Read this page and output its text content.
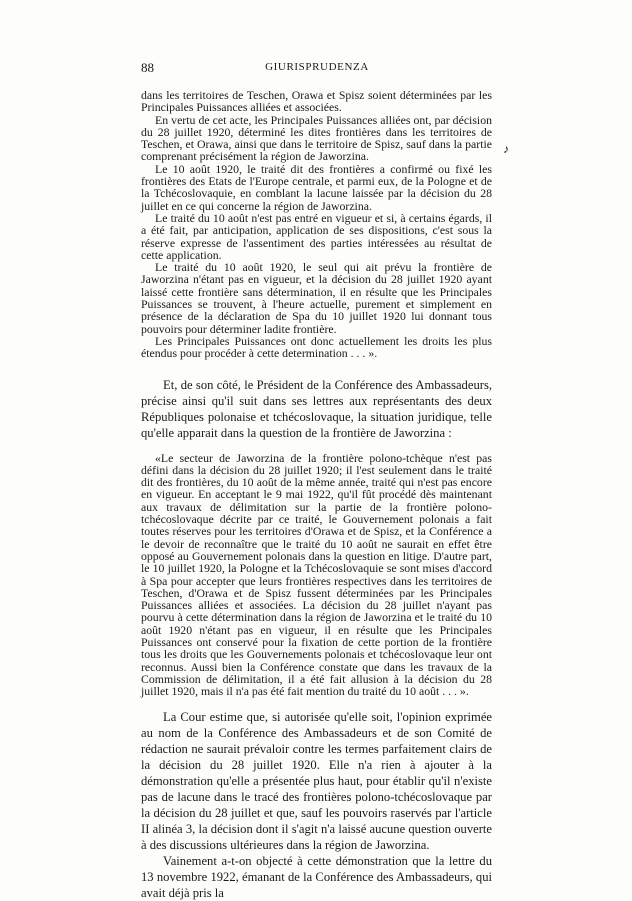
88	GIURISPRUDENZA
♪

dans les territoires de Teschen, Orawa et Spisz soient déterminées par les Principales Puissances alliées et associées.

En vertu de cet acte, les Principales Puissances alliées ont, par décision du 28 juillet 1920, déterminé les dites frontières dans les territoires de Teschen, et Orawa, ainsi que dans le territoire de Spisz, sauf dans la partie comprenant précisément la région de Jaworzina.

Le 10 août 1920, le traité dit des frontières a confirmé ou fixé les frontières des Etats de l'Europe centrale, et parmi eux, de la Pologne et de la Tchécoslovaquie, en comblant la lacune laissée par la décision du 28 juillet en ce qui concerne la région de Jaworzina.

Le traité du 10 août n'est pas entré en vigueur et si, à certains égards, il a été fait, par anticipation, application de ses dispositions, c'est sous la réserve expresse de l'assentiment des parties intéressées au résultat de cette application.

Le traité du 10 août 1920, le seul qui ait prévu la frontière de Jaworzina n'étant pas en vigueur, et la décision du 28 juillet 1920 ayant laissé cette frontière sans détermination, il en résulte que les Principales Puissances se trouvent, à l'heure actuelle, purement et simplement en présence de la déclaration de Spa du 10 juillet 1920 lui donnant tous pouvoirs pour déterminer ladite frontière.

Les Principales Puissances ont donc actuellement les droits les plus étendus pour procéder à cette determination . . . ».

Et, de son côté, le Président de la Conférence des Ambassadeurs, précise ainsi qu'il suit dans ses lettres aux représentants des deux Républiques polonaise et tchécoslovaque, la situation juridique, telle qu'elle apparait dans la question de la frontière de Jaworzina :

«Le secteur de Jaworzina de la frontière polono-tchèque n'est pas défini dans la décision du 28 juillet 1920; il l'est seulement dans le traité dit des frontières, du 10 août de la même année, traité qui n'est pas encore en vigueur. En acceptant le 9 mai 1922, qu'il fût procédé dès maintenant aux travaux de délimitation sur la partie de la frontière polono-tchécoslovaque décrite par ce traité, le Gouvernement polonais a fait toutes réserves pour les territoires d'Orawa et de Spisz, et la Conférence a le devoir de reconnaître que le traité du 10 août ne saurait en effet être opposé au Gouvernement polonais dans la question en litige. D'autre part, le 10 juillet 1920, la Pologne et la Tchécoslovaquie se sont mises d'accord à Spa pour accepter que leurs frontières respectives dans les territoires de Teschen, d'Orawa et de Spisz fussent déterminées par les Principales Puissances alliées et associées. La décision du 28 juillet n'ayant pas pourvu à cette détermination dans la région de Jaworzina et le traité du 10 août 1920 n'étant pas en vigueur, il en résulte que les Principales Puissances ont conservé pour la fixation de cette portion de la frontière tous les droits que les Gouvernements polonais et tchécoslovaque leur ont reconnus. Aussi bien la Conférence constate que dans les travaux de la Commission de délimitation, il a été fait allusion à la décision du 28 juillet 1920, mais il n'a pas été fait mention du traité du 10 août . . . ».

La Cour estime que, si autorisée qu'elle soit, l'opinion exprimée au nom de la Conférence des Ambassadeurs et de son Comité de rédaction ne saurait prévaloir contre les termes parfaitement clairs de la décision du 28 juillet 1920. Elle n'a rien à ajouter à la démonstration qu'elle a présentée plus haut, pour établir qu'il n'existe pas de lacune dans le tracé des frontières polono-tchécoslovaque par la décision du 28 juillet et que, sauf les pouvoirs raservés par l'article II alinéa 3, la décision dont il s'agit n'a laissé aucune question ouverte à des discussions ultérieures dans la région de Jaworzina.

Vainement a-t-on objecté à cette démonstration que la lettre du 13 novembre 1922, émanant de la Conférence des Ambassadeurs, qui avait déjà pris la
